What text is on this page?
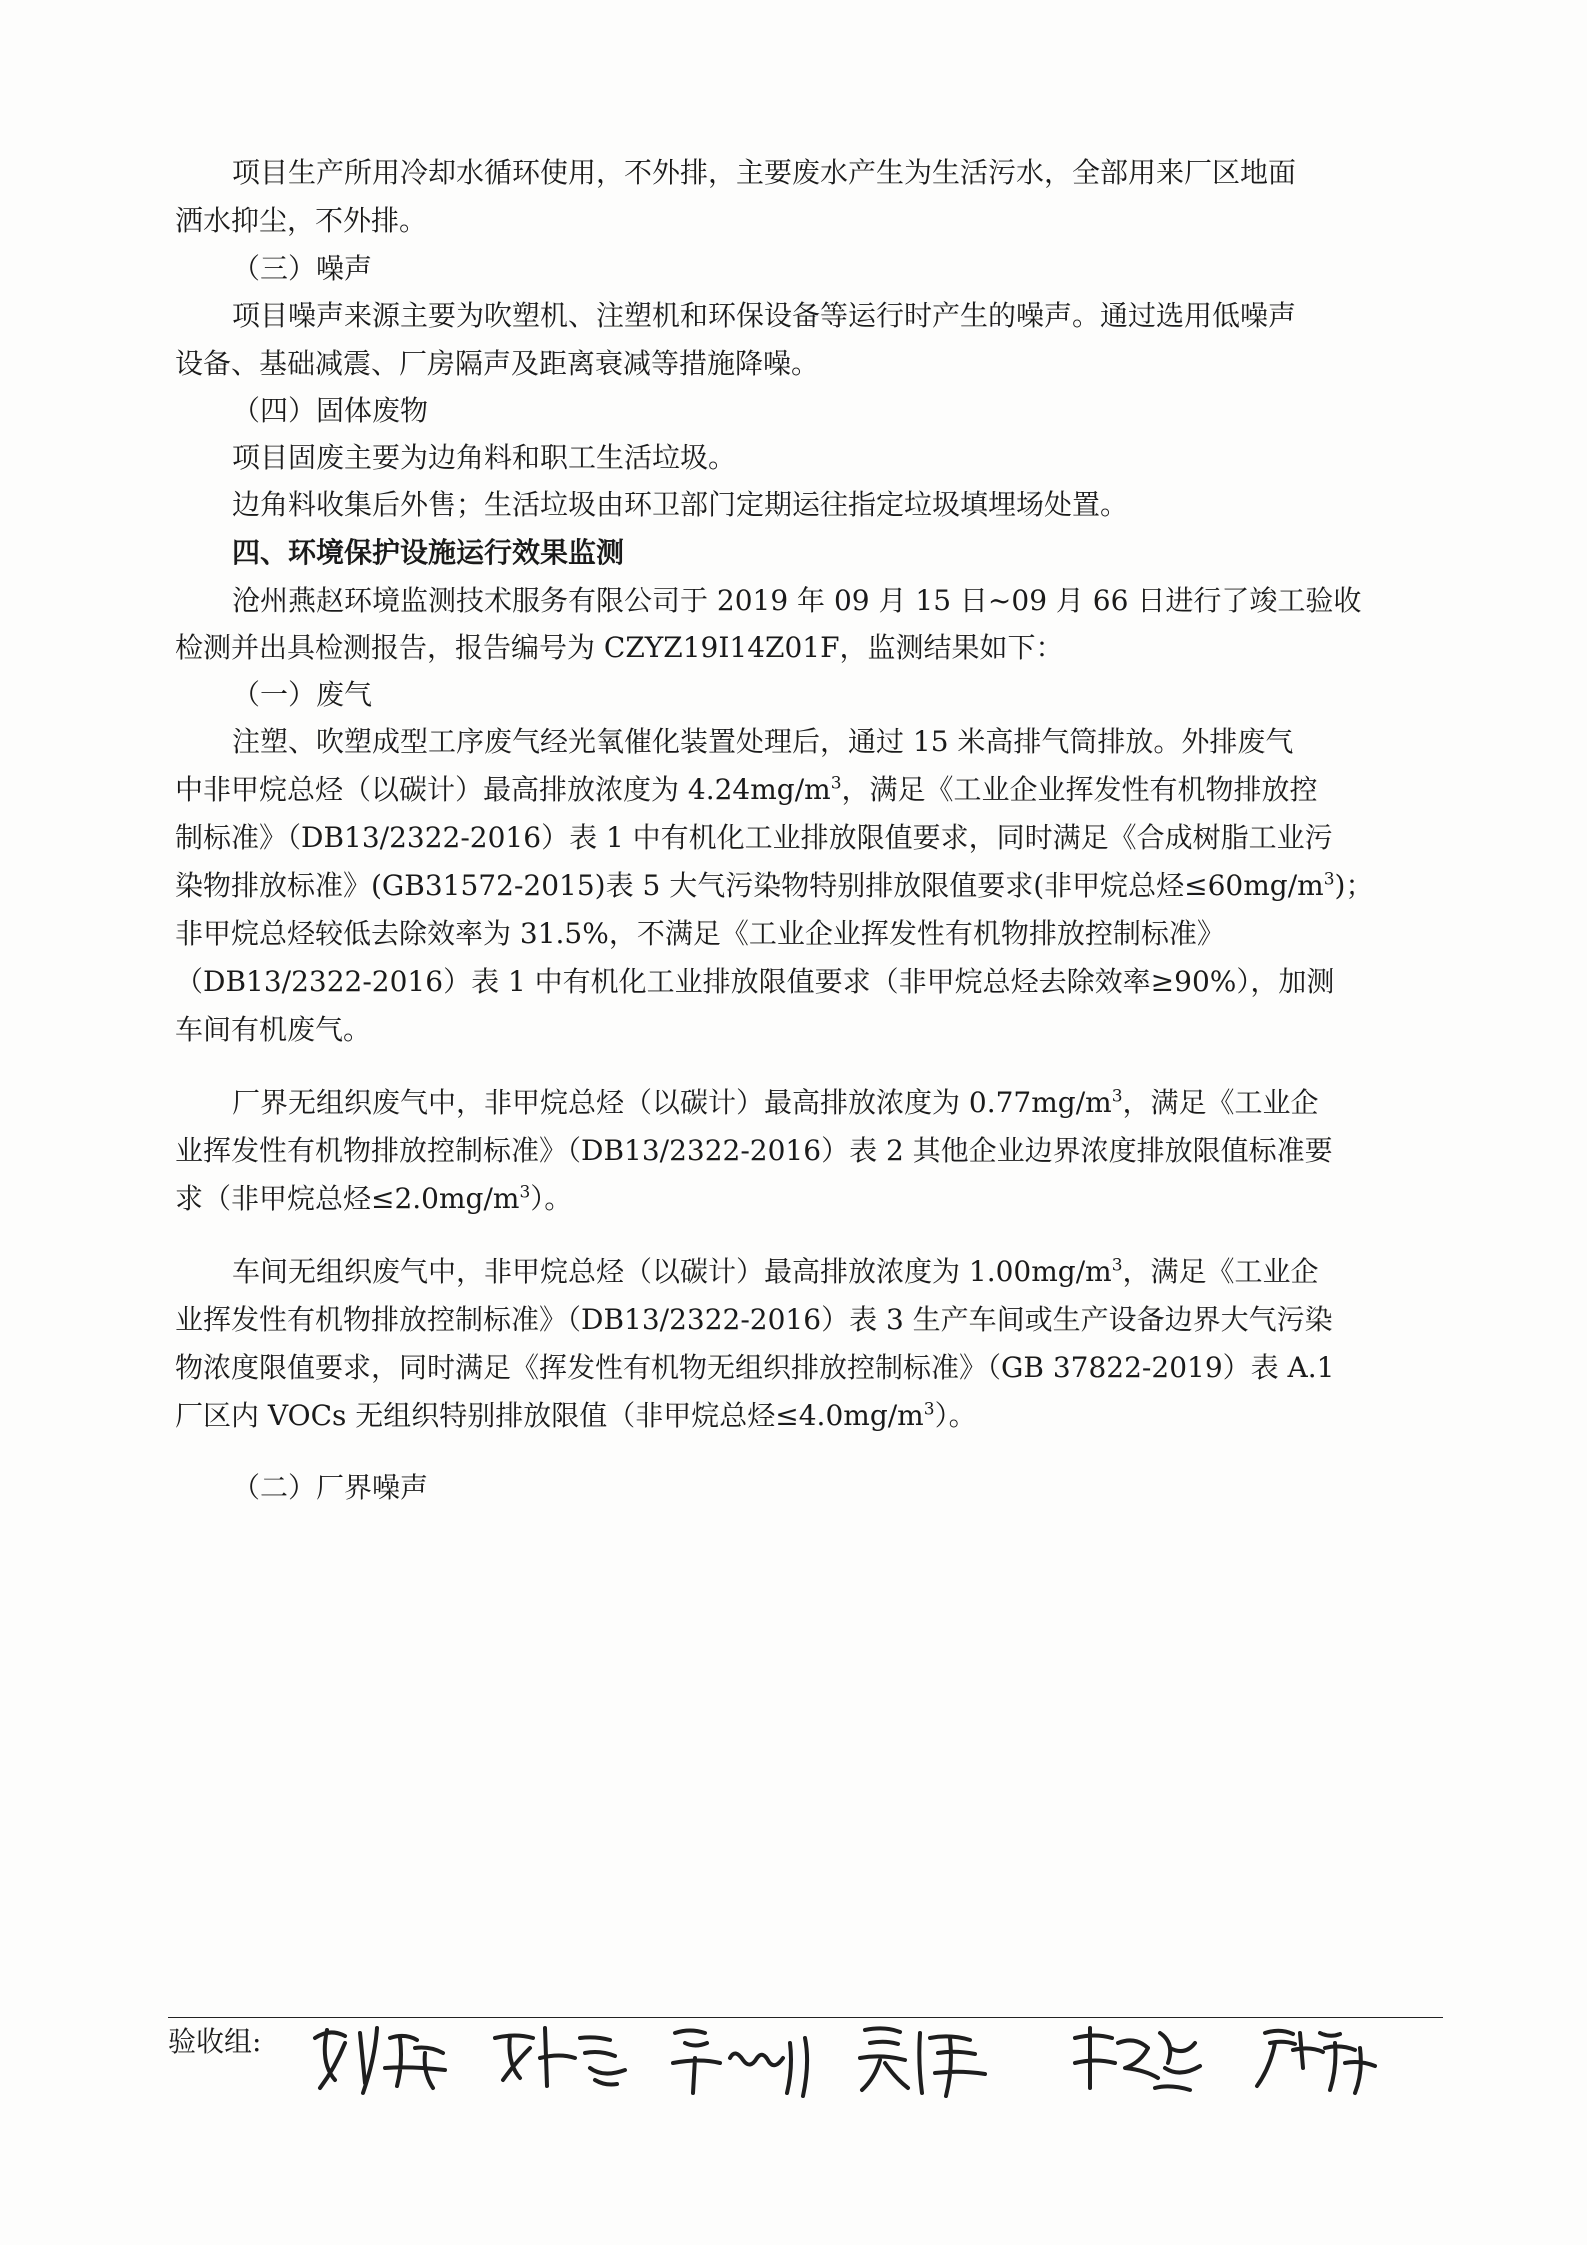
项目生产所用冷却水循环使用，不外排，主要废水产生为生活污水，全部用来厂区地面
洒水抑尘，不外排。
（三）噪声
项目噪声来源主要为吹塑机、注塑机和环保设备等运行时产生的噪声。通过选用低噪声
设备、基础减震、厂房隔声及距离衰减等措施降噪。
（四）固体废物
项目固废主要为边角料和职工生活垃圾。
边角料收集后外售；生活垃圾由环卫部门定期运往指定垃圾填埋场处置。
四、环境保护设施运行效果监测
沧州燕赵环境监测技术服务有限公司于 2019 年 09 月 15 日~09 月 66 日进行了竣工验收
检测并出具检测报告，报告编号为 CZYZ19I14Z01F，监测结果如下：
（一）废气
注塑、吹塑成型工序废气经光氧催化装置处理后，通过 15 米高排气筒排放。外排废气
中非甲烷总烃（以碳计）最高排放浓度为 $4.24mg/m^3$，满足《工业企业挥发性有机物排放控
制标准》（DB13/2322-2016）表 1 中有机化工业排放限值要求，同时满足《合成树脂工业污
染物排放标准》(GB31572-2015)表 5 大气污染物特别排放限值要求(非甲烷总烃$\le 60mg/m^3$)；
非甲烷总烃较低去除效率为 31.5%，不满足《工业企业挥发性有机物排放控制标准》
（DB13/2322-2016）表 1 中有机化工业排放限值要求（非甲烷总烃去除效率≥90%），加测
车间有机废气。
厂界无组织废气中，非甲烷总烃（以碳计）最高排放浓度为 $0.77mg/m^3$，满足《工业企
业挥发性有机物排放控制标准》（DB13/2322-2016）表 2 其他企业边界浓度排放限值标准要
求（非甲烷总烃$\le 2.0mg/m^3$）。
车间无组织废气中，非甲烷总烃（以碳计）最高排放浓度为 $1.00mg/m^3$，满足《工业企
业挥发性有机物排放控制标准》（DB13/2322-2016）表 3 生产车间或生产设备边界大气污染
物浓度限值要求，同时满足《挥发性有机物无组织排放控制标准》（GB 37822-2019）表 A.1
厂区内 VOCs 无组织特别排放限值（非甲烷总烃$\le 4.0mg/m^3$）。
（二）厂界噪声
验收组:
